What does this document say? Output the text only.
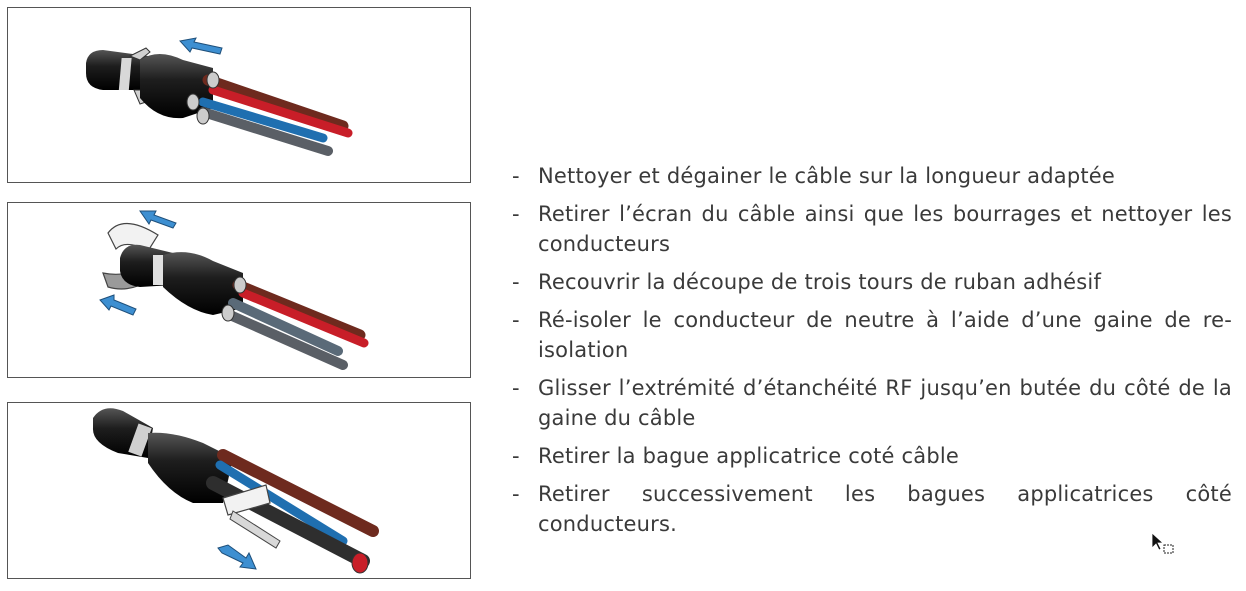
- Nettoyer et dégainer le câble sur la longueur adaptée
- Retirer l’écran du câble ainsi que les bourrages et nettoyer les conducteurs
- Recouvrir la découpe de trois tours de ruban adhésif
- Ré-isoler le conducteur de neutre à l’aide d’une gaine de re-isolation
- Glisser l’extrémité d’étanchéité RF jusqu’en butée du côté de la gaine du câble
- Retirer la bague applicatrice coté câble
- Retirer successivement les bagues applicatrices côté conducteurs.
